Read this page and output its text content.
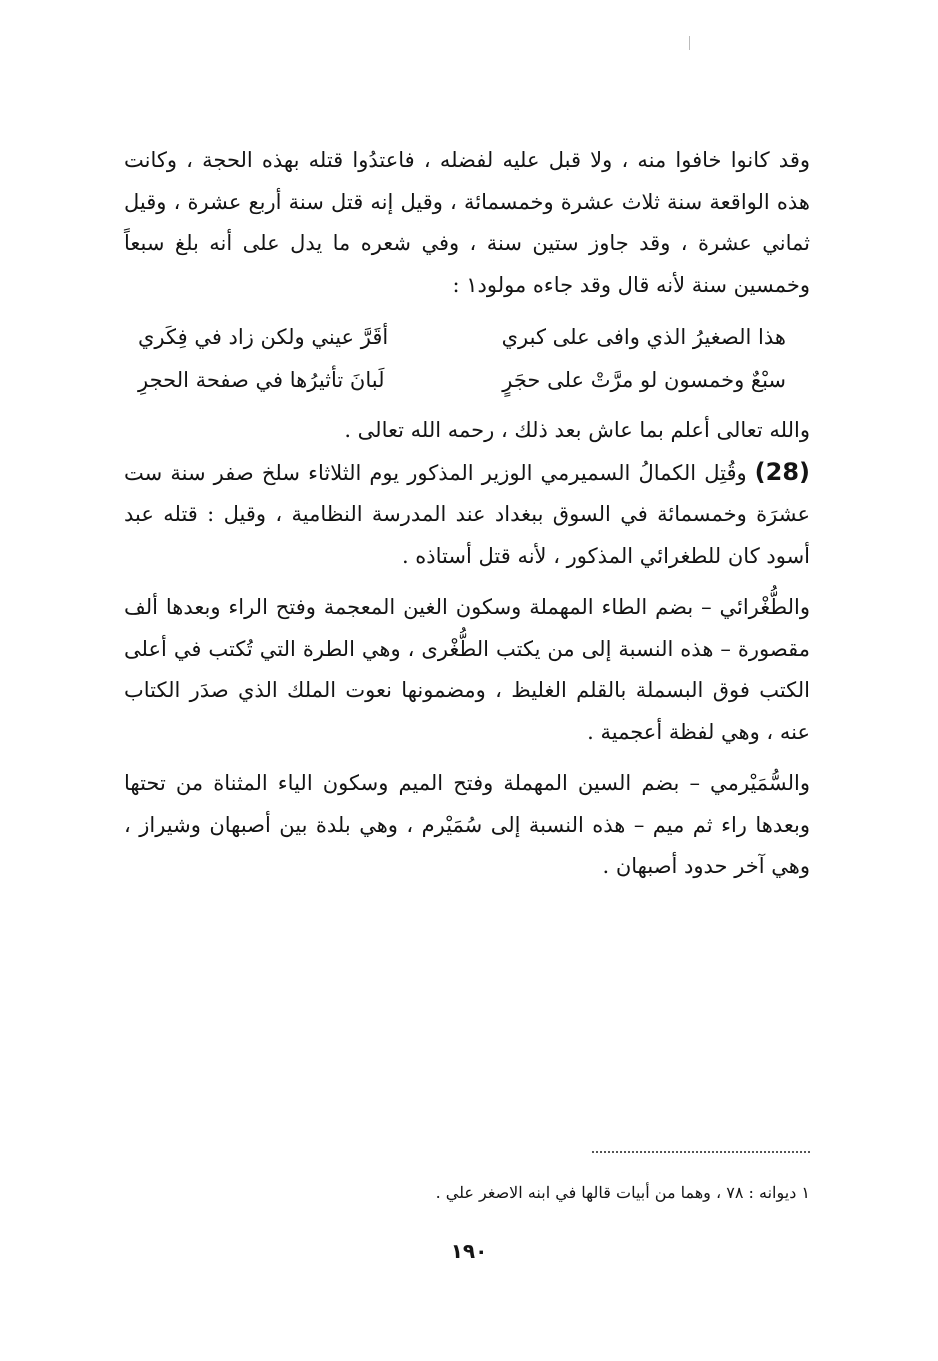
وقد كانوا خافوا منه ، ولا قبل عليه لفضله ، فاعتدُوا قتله بهذه الحجة ، وكانت هذه الواقعة سنة ثلاث عشرة وخمسمائة ، وقيل إنه قتل سنة أربع عشرة ، وقيل ثماني عشرة ، وقد جاوز ستين سنة ، وفي شعره ما يدل على أنه بلغ سبعاً وخمسين سنة لأنه قال وقد جاءه مولود١ :

هذا الصغيرُ الذي وافى على كبري
أقَرَّ عيني ولكن زاد في فِكَري
سبْعٌ وخمسون لو مرَّتْ على حجَرٍ
لَبانَ تأثيرُها في صفحة الحجرِ

والله تعالى أعلم بما عاش بعد ذلك ، رحمه الله تعالى .

(28)وقُتِل الكمالُ السميرمي الوزير المذكور يوم الثلاثاء سلخ صفر سنة ست عشرَة وخمسمائة في السوق ببغداد عند المدرسة النظامية ، وقيل : قتله عبد أسود كان للطغرائي المذكور ، لأنه قتل أستاذه .

والطُّغْرائي – بضم الطاء المهملة وسكون الغين المعجمة وفتح الراء وبعدها ألف مقصورة – هذه النسبة إلى من يكتب الطُّغْرى ، وهي الطرة التي تُكتب في أعلى الكتب فوق البسملة بالقلم الغليظ ، ومضمونها نعوت الملك الذي صدَر الكتاب عنه ، وهي لفظة أعجمية .

والسُّمَيْرمي – بضم السين المهملة وفتح الميم وسكون الياء المثناة من تحتها وبعدها راء ثم ميم – هذه النسبة إلى سُمَيْرم ، وهي بلدة بين أصبهان وشيراز ، وهي آخر حدود أصبهان .

١ ديوانه : ٧٨ ، وهما من أبيات قالها في ابنه الاصغر علي .
١٩٠
